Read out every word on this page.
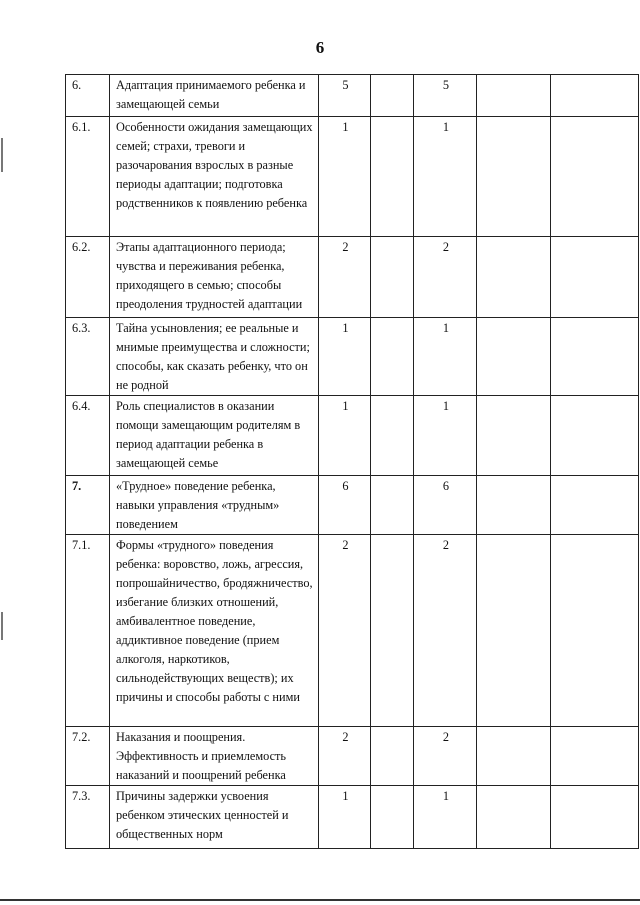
6
6.	Адаптация принимаемого ребенка и замещающей семьи	5		5		
6.1.	Особенности ожидания замещающих семей; страхи, тревоги и разочарования взрослых в разные периоды адаптации; подготовка родственников к появлению ребенка	1		1		
6.2.	Этапы адаптационного периода; чувства и переживания ребенка, приходящего в семью; способы преодоления трудностей адаптации	2		2		
6.3.	Тайна усыновления; ее реальные и мнимые преимущества и сложности; способы, как сказать ребенку, что он не родной	1		1		
6.4.	Роль специалистов в оказании помощи замещающим родителям в период адаптации ребенка в замещающей семье	1		1		
7.	«Трудное» поведение ребенка, навыки управления «трудным» поведением	6		6		
7.1.	Формы «трудного» поведения ребенка: воровство, ложь, агрессия, попрошайничество, бродяжничество, избегание близких отношений, амбивалентное поведение, аддиктивное поведение (прием алкоголя, наркотиков, сильнодействующих веществ); их причины и способы работы с ними	2		2		
7.2.	Наказания и поощрения. Эффективность и приемлемость наказаний и поощрений ребенка	2		2		
7.3.	Причины задержки усвоения ребенком этических ценностей и общественных норм	1		1		
